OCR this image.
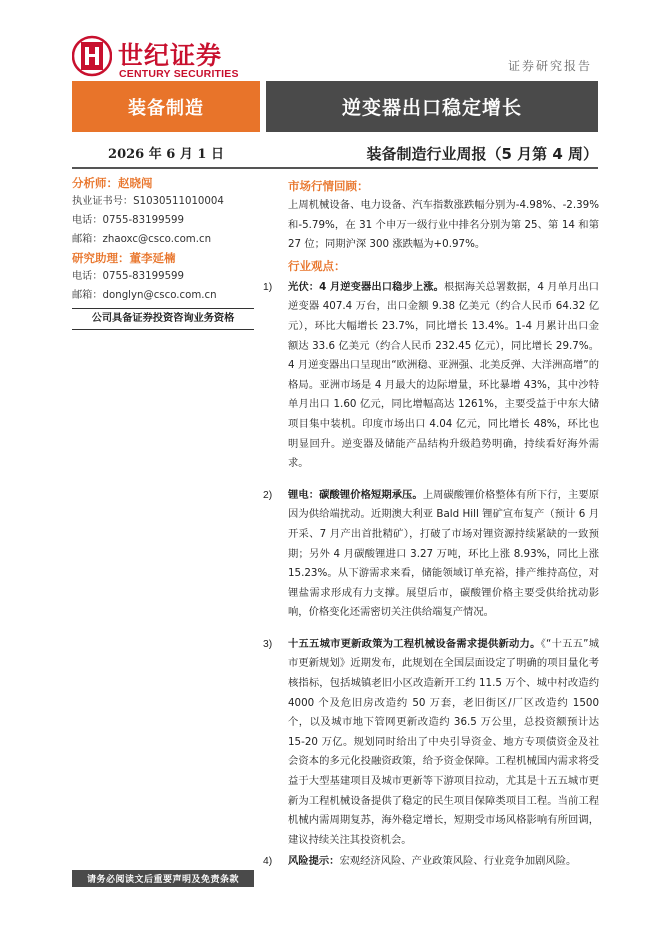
世纪证券
CENTURY SECURITIES
证券研究报告
装备制造	逆变器出口稳定增长
2026 年 6 月 1 日	装备制造行业周报（5 月第 4 周）
分析师：赵晓闯
执业证书号：S1030511010004
电话：0755-83199599
邮箱：zhaoxc@csco.com.cn
研究助理：董李延楠
电话：0755-83199599
邮箱：donglyn@csco.com.cn
公司具备证券投资咨询业务资格
请务必阅读文后重要声明及免责条款
市场行情回顾：
上周机械设备、电力设备、汽车指数涨跌幅分别为-4.98%、-2.39%和-5.79%，在 31 个申万一级行业中排名分别为第 25、第 14 和第 27 位；同期沪深 300 涨跌幅为+0.97%。
行业观点：
1) 光伏：4 月逆变器出口稳步上涨。根据海关总署数据，4 月单月出口逆变器 407.4 万台，出口金额 9.38 亿美元（约合人民币 64.32 亿元），环比大幅增长 23.7%，同比增长 13.4%。1-4 月累计出口金额达 33.6 亿美元（约合人民币 232.45 亿元），同比增长 29.7%。4 月逆变器出口呈现出“欧洲稳、亚洲强、北美反弹、大洋洲高增”的格局。亚洲市场是 4 月最大的边际增量，环比暴增 43%，其中沙特单月出口 1.60 亿元，同比增幅高达 1261%，主要受益于中东大储项目集中装机。印度市场出口 4.04 亿元，同比增长 48%，环比也明显回升。逆变器及储能产品结构升级趋势明确，持续看好海外需求。
2) 锂电：碳酸锂价格短期承压。上周碳酸锂价格整体有所下行，主要原因为供给端扰动。近期澳大利亚 Bald Hill 锂矿宣布复产（预计 6 月开采、7 月产出首批精矿），打破了市场对锂资源持续紧缺的一致预期；另外 4 月碳酸锂进口 3.27 万吨，环比上涨 8.93%，同比上涨 15.23%。从下游需求来看，储能领域订单充裕，排产维持高位，对锂盐需求形成有力支撑。展望后市，碳酸锂价格主要受供给扰动影响，价格变化还需密切关注供给端复产情况。
3) 十五五城市更新政策为工程机械设备需求提供新动力。《“十五五”城市更新规划》近期发布，此规划在全国层面设定了明确的项目量化考核指标，包括城镇老旧小区改造新开工约 11.5 万个、城中村改造约 4000 个及危旧房改造约 50 万套，老旧街区/厂区改造约 1500 个，以及城市地下管网更新改造约 36.5 万公里，总投资额预计达 15-20 万亿。规划同时给出了中央引导资金、地方专项债资金及社会资本的多元化投融资政策，给予资金保障。工程机械国内需求将受益于大型基建项目及城市更新等下游项目拉动，尤其是十五五城市更新为工程机械设备提供了稳定的民生项目保障类项目工程。当前工程机械内需周期复苏，海外稳定增长，短期受市场风格影响有所回调，建议持续关注其投资机会。
4) 风险提示：宏观经济风险、产业政策风险、行业竞争加剧风险。
